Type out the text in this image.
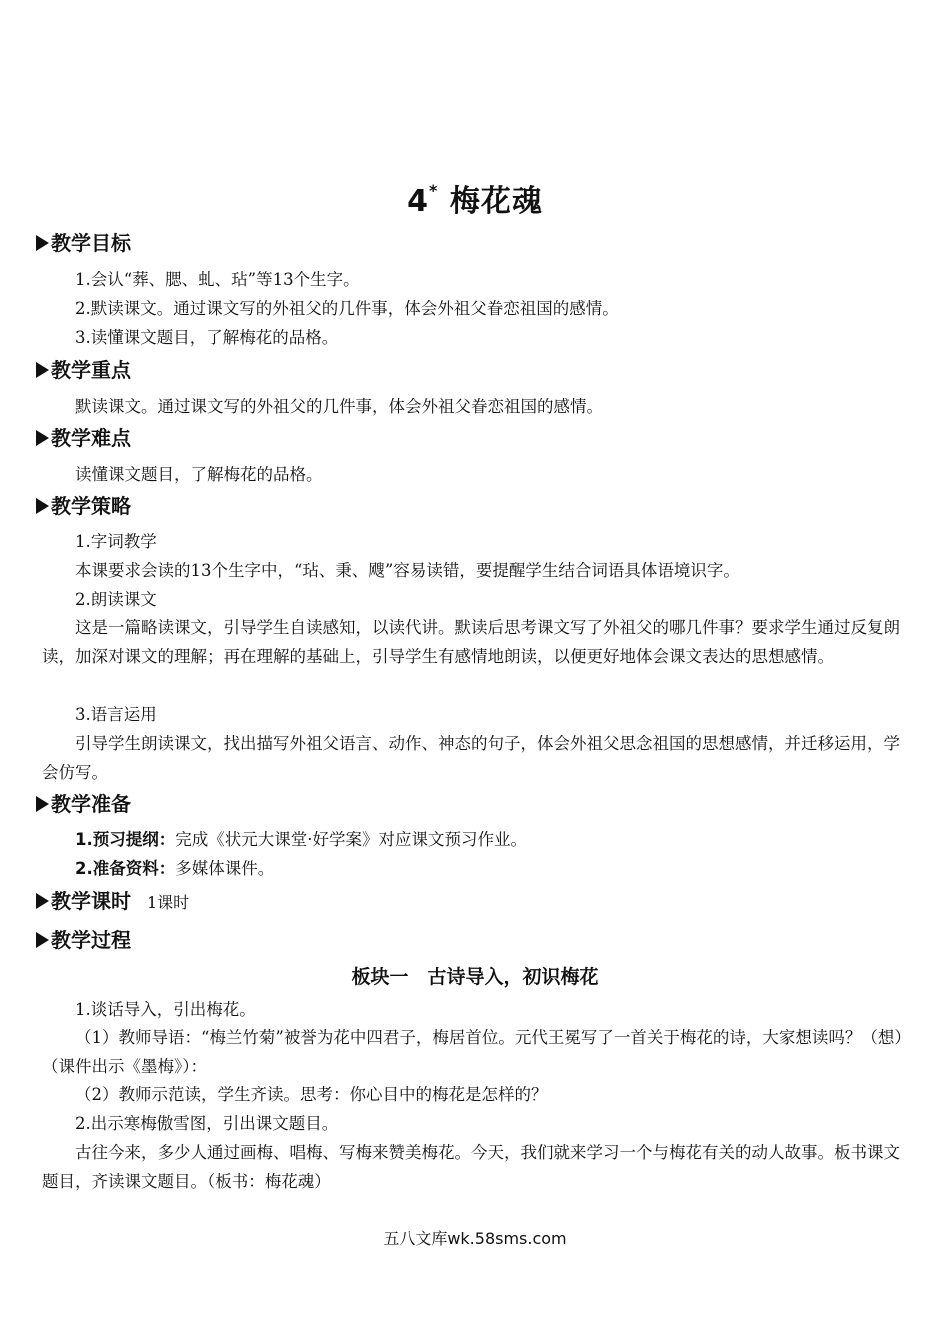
4* 梅花魂
教学目标
1.会认“葬、腮、虬、玷”等13个生字。
2.默读课文。通过课文写的外祖父的几件事，体会外祖父眷恋祖国的感情。
3.读懂课文题目，了解梅花的品格。
教学重点
默读课文。通过课文写的外祖父的几件事，体会外祖父眷恋祖国的感情。
教学难点
读懂课文题目，了解梅花的品格。
教学策略
1.字词教学
本课要求会读的13个生字中，“玷、秉、飕”容易读错，要提醒学生结合词语具体语境识字。
2.朗读课文
这是一篇略读课文，引导学生自读感知，以读代讲。默读后思考课文写了外祖父的哪几件事？要求学生通过反复朗读，加深对课文的理解；再在理解的基础上，引导学生有感情地朗读，以便更好地体会课文表达的思想感情。
3.语言运用
引导学生朗读课文，找出描写外祖父语言、动作、神态的句子，体会外祖父思念祖国的思想感情，并迁移运用，学会仿写。
教学准备
1.预习提纲：完成《状元大课堂·好学案》对应课文预习作业。
2.准备资料：多媒体课件。
教学课时 1课时
教学过程
板块一　古诗导入，初识梅花
1.谈话导入，引出梅花。
（1）教师导语：“梅兰竹菊”被誉为花中四君子，梅居首位。元代王冕写了一首关于梅花的诗，大家想读吗？（想）（课件出示《墨梅》）：
（2）教师示范读，学生齐读。思考：你心目中的梅花是怎样的？
2.出示寒梅傲雪图，引出课文题目。
古往今来，多少人通过画梅、唱梅、写梅来赞美梅花。今天，我们就来学习一个与梅花有关的动人故事。板书课文题目，齐读课文题目。（板书：梅花魂）
五八文库wk.58sms.com
